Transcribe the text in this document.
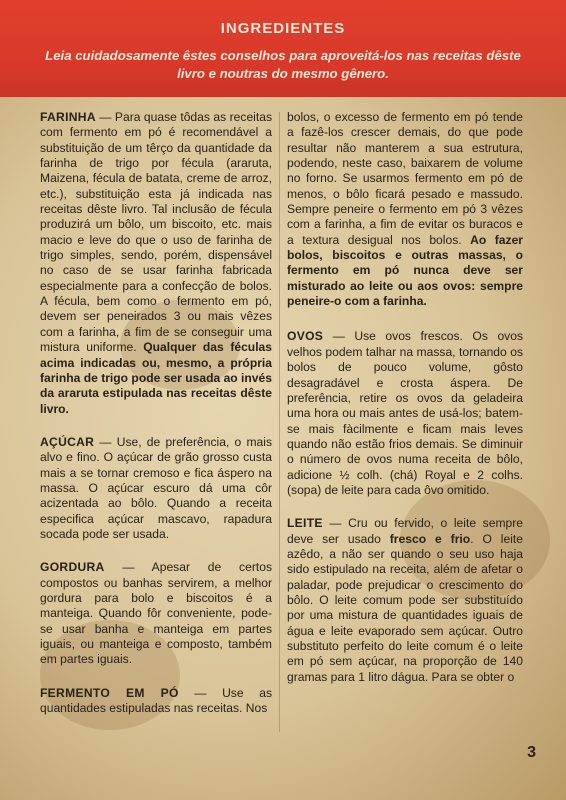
INGREDIENTES
Leia cuidadosamente êstes conselhos para aproveitá-los nas receitas dêste livro e noutras do mesmo gênero.

FARINHA — Para quase tôdas as receitas com fermento em pó é recomendável a substituição de um têrço da quantidade da farinha de trigo por fécula (araruta, Maizena, fécula de batata, creme de arroz, etc.), substituição esta já indicada nas receitas dêste livro. Tal inclusão de fécula produzirá um bôlo, um biscoito, etc. mais macio e leve do que o uso de farinha de trigo simples, sendo, porém, dispensável no caso de se usar farinha fabricada especialmente para a confecção de bolos. A fécula, bem como o fermento em pó, devem ser peneirados 3 ou mais vêzes com a farinha, a fim de se conseguir uma mistura uniforme. Qualquer das féculas acima indicadas ou, mesmo, a própria farinha de trigo pode ser usada ao invés da araruta estipulada nas receitas dêste livro.

AÇÚCAR — Use, de preferência, o mais alvo e fino. O açúcar de grão grosso custa mais a se tornar cremoso e fica áspero na massa. O açúcar escuro dá uma côr acizentada ao bôlo. Quando a receita especifica açúcar mascavo, rapadura socada pode ser usada.

GORDURA — Apesar de certos compostos ou banhas servirem, a melhor gordura para bolo e biscoitos é a manteiga. Quando fôr conveniente, pode-se usar banha e manteiga em partes iguais, ou manteiga e composto, também em partes iguais.

FERMENTO EM PÓ — Use as quantidades estipuladas nas receitas. Nos

bolos, o excesso de fermento em pó tende a fazê-los crescer demais, do que pode resultar não manterem a sua estrutura, podendo, neste caso, baixarem de volume no forno. Se usarmos fermento em pó de menos, o bôlo ficará pesado e massudo. Sempre peneire o fermento em pó 3 vêzes com a farinha, a fim de evitar os buracos e a textura desigual nos bolos. Ao fazer bolos, biscoitos e outras massas, o fermento em pó nunca deve ser misturado ao leite ou aos ovos: sempre peneire-o com a farinha.

OVOS — Use ovos frescos. Os ovos velhos podem talhar na massa, tornando os bolos de pouco volume, gôsto desagradável e crosta áspera. De preferência, retire os ovos da geladeira uma hora ou mais antes de usá-los; batem-se mais fàcilmente e ficam mais leves quando não estão frios demais. Se diminuir o número de ovos numa receita de bôlo, adicione ½ colh. (chá) Royal e 2 colhs. (sopa) de leite para cada ôvo omitido.

LEITE — Cru ou fervido, o leite sempre deve ser usado fresco e frio. O leite azêdo, a não ser quando o seu uso haja sido estipulado na receita, além de afetar o paladar, pode prejudicar o crescimento do bôlo. O leite comum pode ser substituído por uma mistura de quantidades iguais de água e leite evaporado sem açúcar. Outro substituto perfeito do leite comum é o leite em pó sem açúcar, na proporção de 140 gramas para 1 litro dágua. Para se obter o

3
